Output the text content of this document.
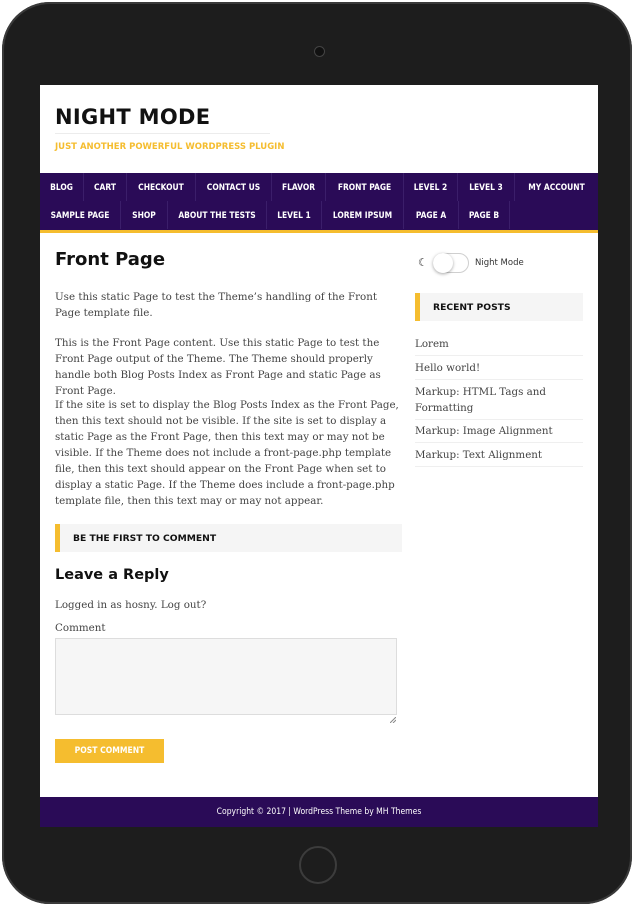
NIGHT MODE
JUST ANOTHER POWERFUL WORDPRESS PLUGIN
BLOG	CART	CHECKOUT	CONTACT US	FLAVOR	FRONT PAGE	LEVEL 2	LEVEL 3	MY ACCOUNT
SAMPLE PAGE	SHOP	ABOUT THE TESTS	LEVEL 1	LOREM IPSUM	PAGE A	PAGE B
Front Page
Use this static Page to test the Theme’s handling of the Front Page template file.
This is the Front Page content. Use this static Page to test the Front Page output of the Theme. The Theme should properly handle both Blog Posts Index as Front Page and static Page as Front Page.
If the site is set to display the Blog Posts Index as the Front Page, then this text should not be visible. If the site is set to display a static Page as the Front Page, then this text may or may not be visible. If the Theme does not include a front-page.php template file, then this text should appear on the Front Page when set to display a static Page. If the Theme does include a front-page.php template file, then this text may or may not appear.
BE THE FIRST TO COMMENT
Leave a Reply
Logged in as hosny. Log out?
Comment
POST COMMENT
☾	Night Mode
RECENT POSTS
Lorem
Hello world!
Markup: HTML Tags and Formatting
Markup: Image Alignment
Markup: Text Alignment
Copyright © 2017 | WordPress Theme by MH Themes
